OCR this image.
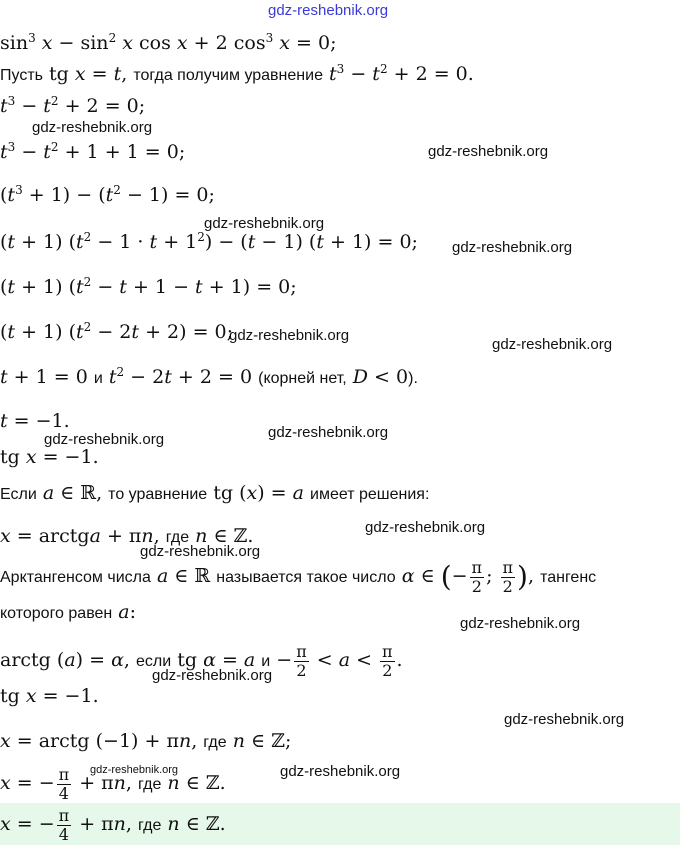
$\sin^3 x - \sin^2 x$ cos x + 2 $\cos^3 x = 0$;
Пусть tg x = t, тогда получим уравнение $t^3 - t^2 + 2 = 0$.
$t^3 - t^2 + 2 = 0$;
$t^3 - t^2 + 1 + 1 = 0$;
$(t^3 + 1) - (t^2 - 1) = 0$;
(t + 1) $(t^2 - 1 \cdot t + 1^2) - (t - 1) (t + 1) = 0$;
(t + 1) $(t^2 - t + 1 - t + 1) = 0$;
(t + 1) $(t^2 - 2t + 2) = 0$;
t + 1 = 0 и $t^2 - 2t + 2 = 0$ (корней нет, D < 0).
t = −1.
tg x = −1.
Если a ∈ ℝ, то уравнение tg (x) = a имеет решения:
x = arctga + πn, где n ∈ ℤ.
Арктангенсом числа a ∈ ℝ называется такое число α ∈ (− $\frac{\pi}{2}$ ; $\frac{\pi}{2}$ ), тангенс
которого равен a:
arctg (a) = α, если tg α = a $и - \frac{\pi}{2} < a < \frac{\pi}{2}$ .
tg x = −1.
x = arctg (−1) + πn, где n ∈ ℤ;
x = − $\frac{\pi}{4} + \pi n$, где n ∈ ℤ.
x = − $\frac{\pi}{4} + \pi n$, где n ∈ ℤ.
gdz-reshebnik.org
gdz-reshebnik.org
gdz-reshebnik.org
gdz-reshebnik.org
gdz-reshebnik.org
gdz-reshebnik.org
gdz-reshebnik.org
gdz-reshebnik.org
gdz-reshebnik.org
gdz-reshebnik.org
gdz-reshebnik.org
gdz-reshebnik.org
gdz-reshebnik.org
gdz-reshebnik.org
gdz-reshebnik.org	gdz-reshebnik.org
